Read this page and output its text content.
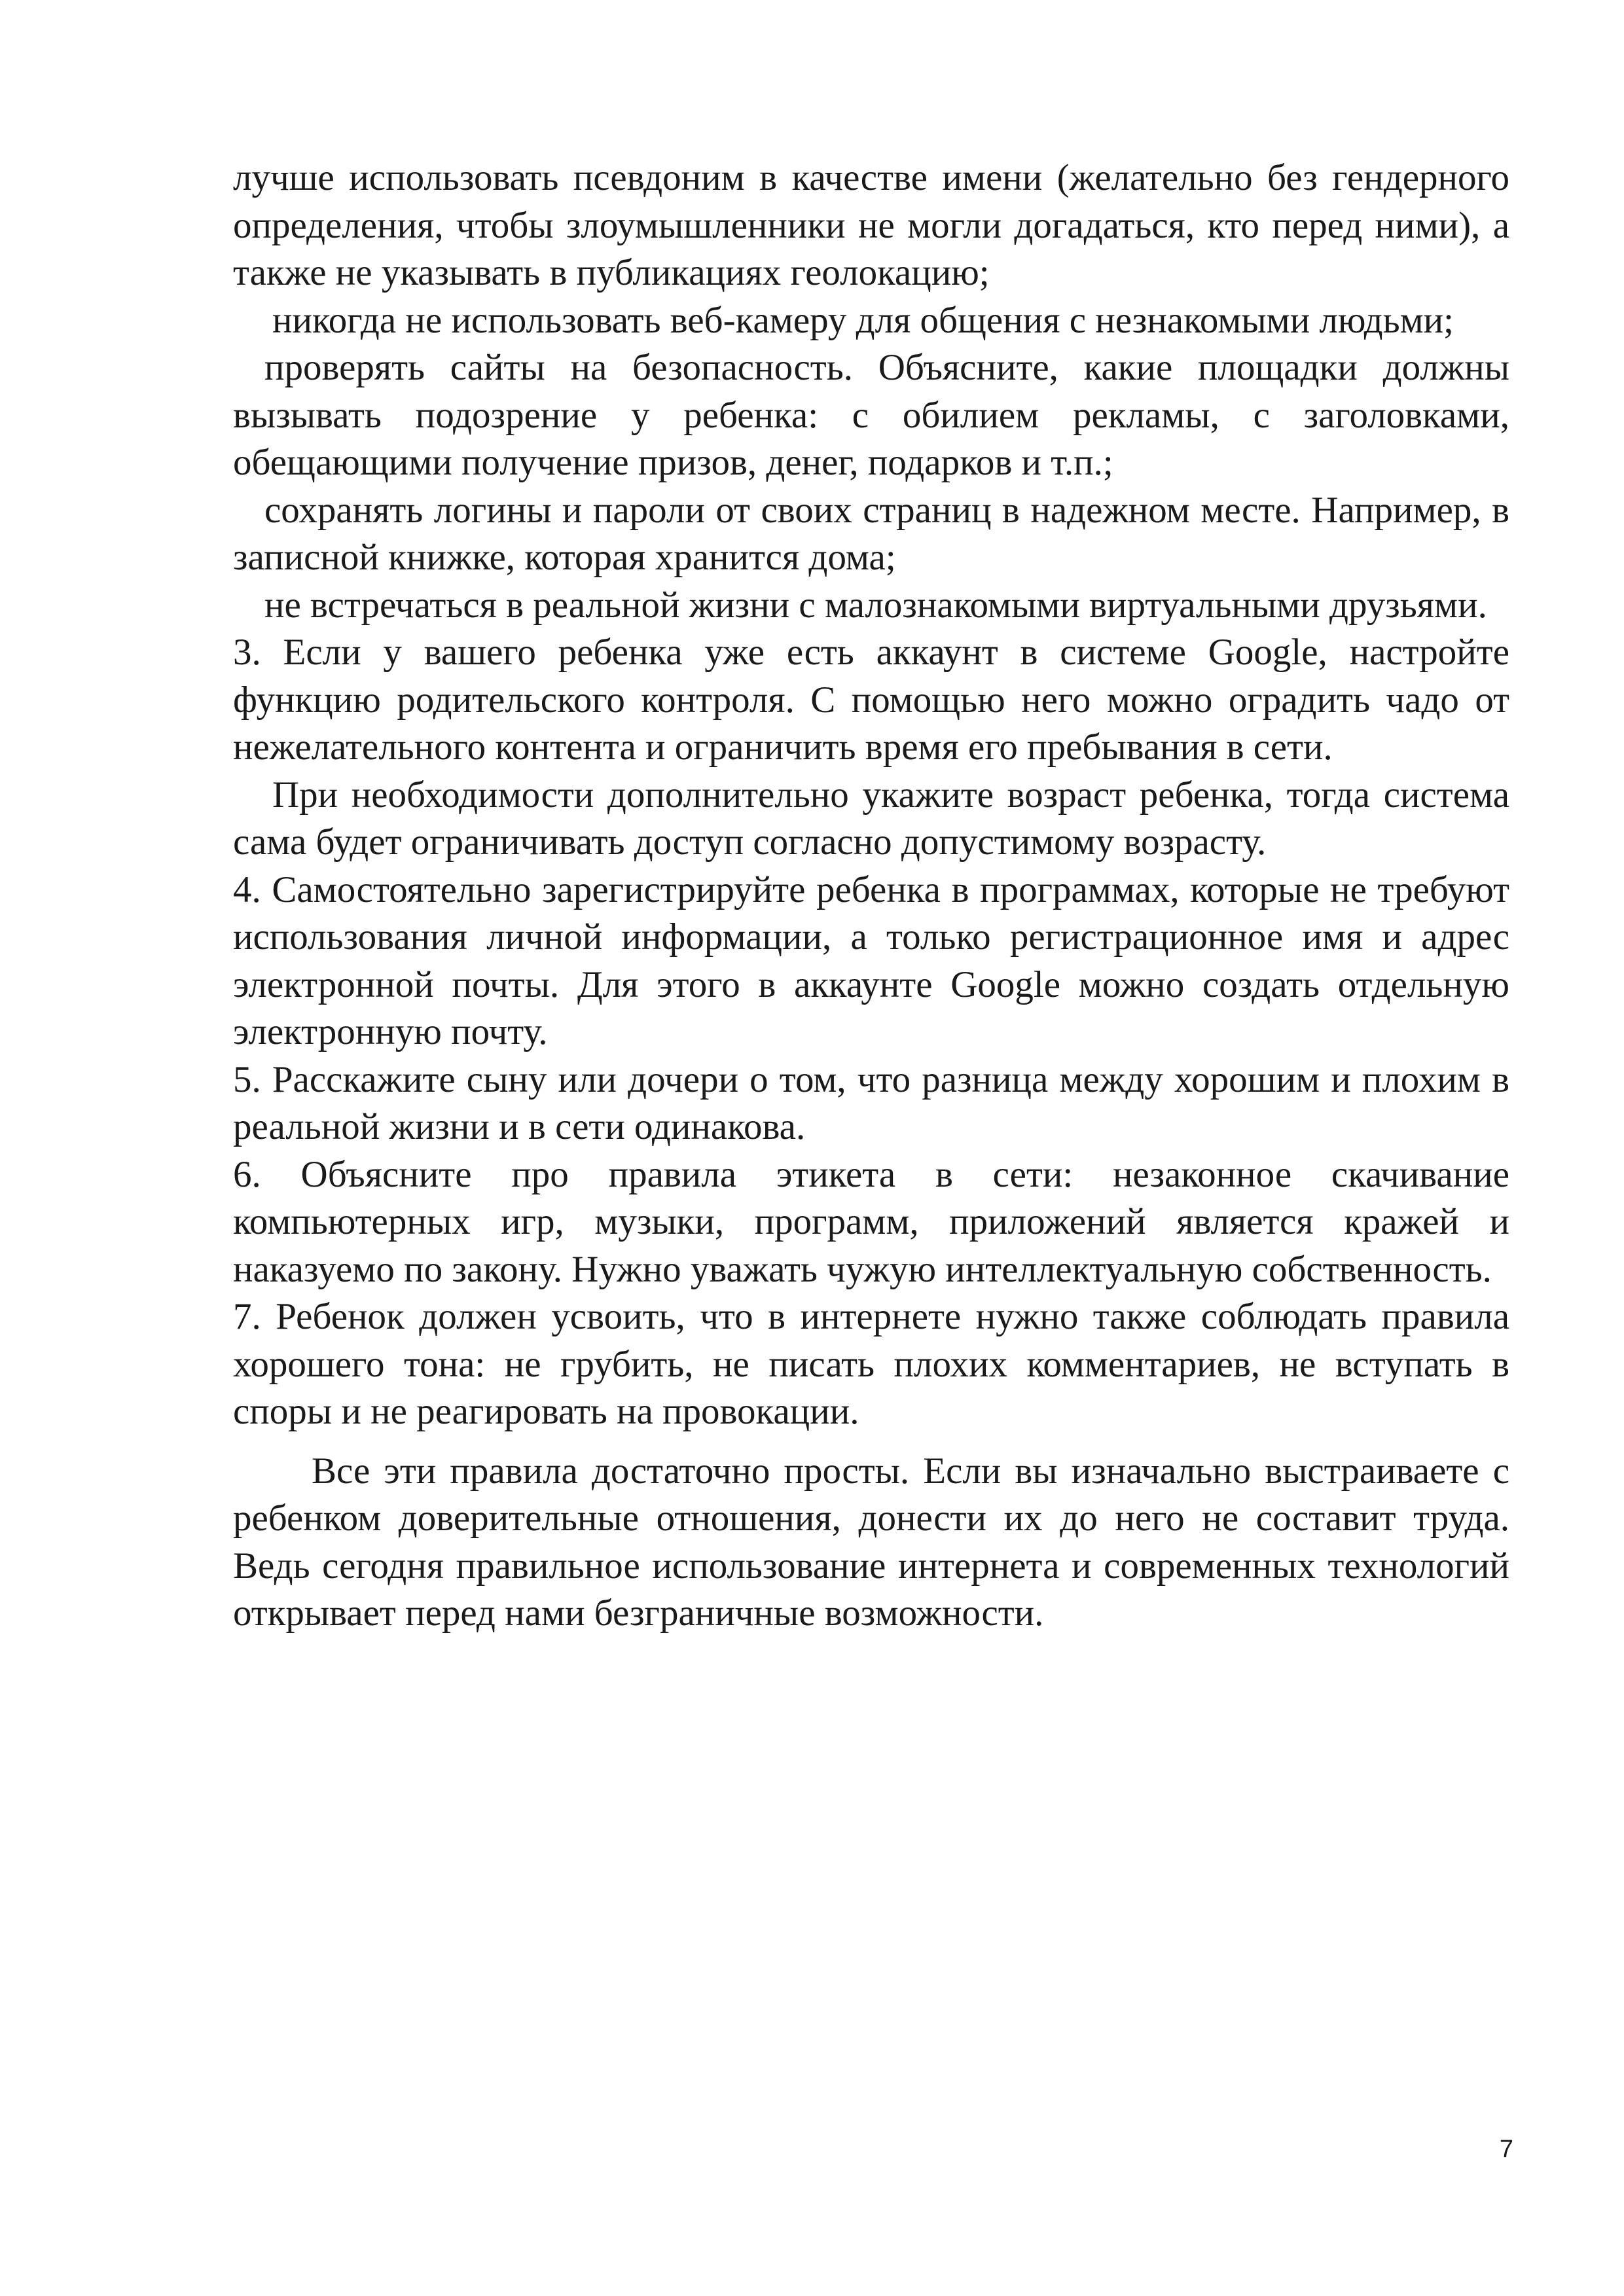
лучше использовать псевдоним в качестве имени (желательно без гендерного определения, чтобы злоумышленники не могли догадаться, кто перед ними), а также не указывать в публикациях геолокацию;

никогда не использовать веб-камеру для общения с незнакомыми людьми;

проверять сайты на безопасность. Объясните, какие площадки должны вызывать подозрение у ребенка: с обилием рекламы, с заголовками, обещающими получение призов, денег, подарков и т.п.;

сохранять логины и пароли от своих страниц в надежном месте. Например, в записной книжке, которая хранится дома;

не встречаться в реальной жизни с малознакомыми виртуальными друзьями.

3. Если у вашего ребенка уже есть аккаунт в системе Google, настройте функцию родительского контроля. С помощью него можно оградить чадо от нежелательного контента и ограничить время его пребывания в сети.

При необходимости дополнительно укажите возраст ребенка, тогда система сама будет ограничивать доступ согласно допустимому возрасту.

4. Самостоятельно зарегистрируйте ребенка в программах, которые не требуют использования личной информации, а только регистрационное имя и адрес электронной почты. Для этого в аккаунте Google можно создать отдельную электронную почту.

5. Расскажите сыну или дочери о том, что разница между хорошим и плохим в реальной жизни и в сети одинакова.

6. Объясните про правила этикета в сети: незаконное скачивание компьютерных игр, музыки, программ, приложений является кражей и наказуемо по закону. Нужно уважать чужую интеллектуальную собственность.

7. Ребенок должен усвоить, что в интернете нужно также соблюдать правила хорошего тона: не грубить, не писать плохих комментариев, не вступать в споры и не реагировать на провокации.

Все эти правила достаточно просты. Если вы изначально выстраиваете с ребенком доверительные отношения, донести их до него не составит труда. Ведь сегодня правильное использование интернета и современных технологий открывает перед нами безграничные возможности.

7
